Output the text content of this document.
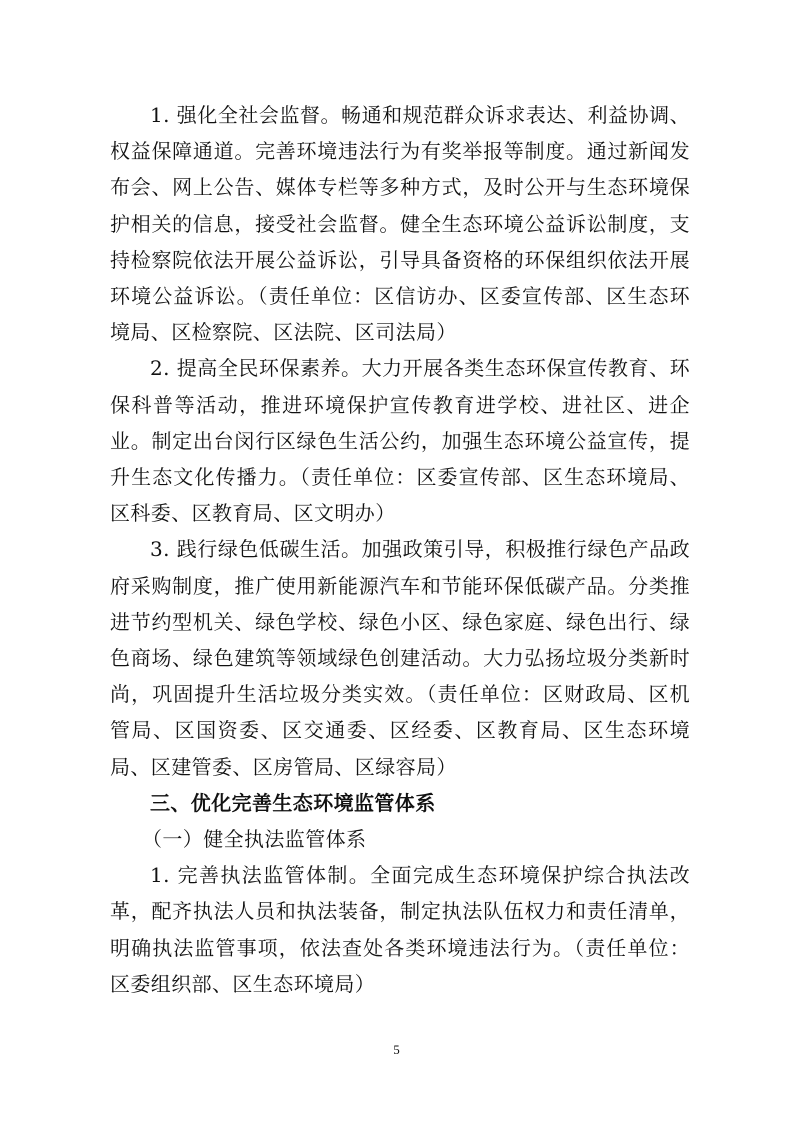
1. 强化全社会监督。畅通和规范群众诉求表达、利益协调、权益保障通道。完善环境违法行为有奖举报等制度。通过新闻发布会、网上公告、媒体专栏等多种方式，及时公开与生态环境保护相关的信息，接受社会监督。健全生态环境公益诉讼制度，支持检察院依法开展公益诉讼，引导具备资格的环保组织依法开展环境公益诉讼。（责任单位：区信访办、区委宣传部、区生态环境局、区检察院、区法院、区司法局）

2. 提高全民环保素养。大力开展各类生态环保宣传教育、环保科普等活动，推进环境保护宣传教育进学校、进社区、进企业。制定出台闵行区绿色生活公约，加强生态环境公益宣传，提升生态文化传播力。（责任单位：区委宣传部、区生态环境局、区科委、区教育局、区文明办）

3. 践行绿色低碳生活。加强政策引导，积极推行绿色产品政府采购制度，推广使用新能源汽车和节能环保低碳产品。分类推进节约型机关、绿色学校、绿色小区、绿色家庭、绿色出行、绿色商场、绿色建筑等领域绿色创建活动。大力弘扬垃圾分类新时尚，巩固提升生活垃圾分类实效。（责任单位：区财政局、区机管局、区国资委、区交通委、区经委、区教育局、区生态环境局、区建管委、区房管局、区绿容局）

三、优化完善生态环境监管体系

（一）健全执法监管体系

1. 完善执法监管体制。全面完成生态环境保护综合执法改革，配齐执法人员和执法装备，制定执法队伍权力和责任清单，明确执法监管事项，依法查处各类环境违法行为。（责任单位：区委组织部、区生态环境局）

5
